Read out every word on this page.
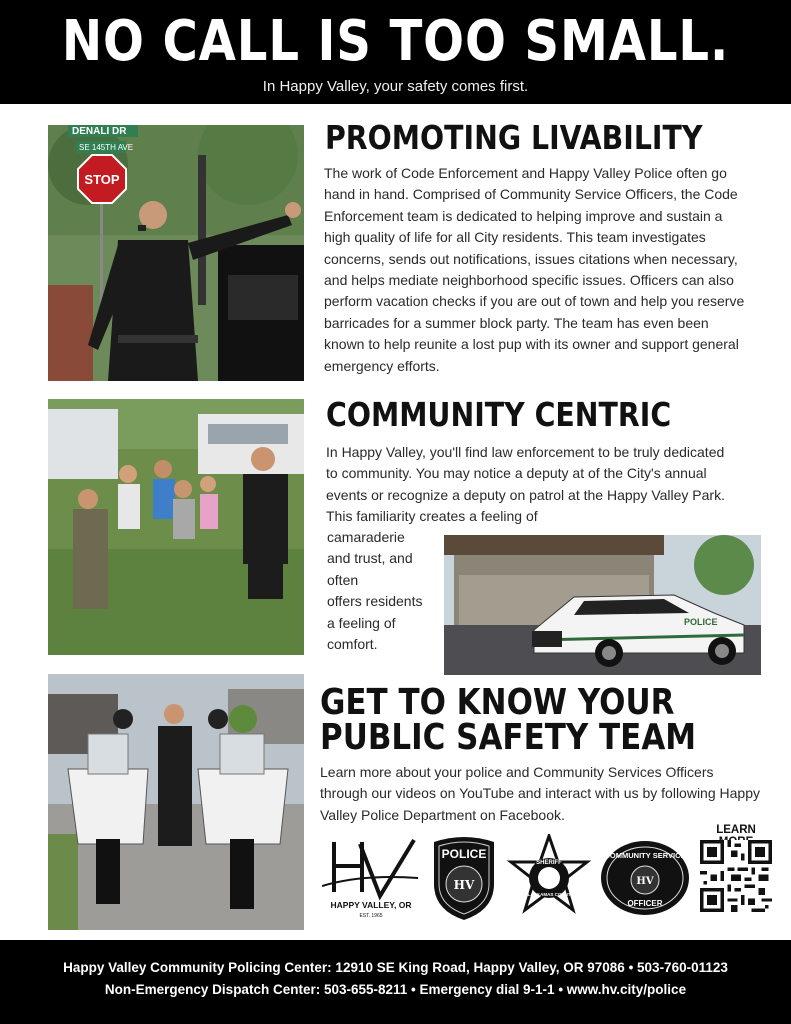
NO CALL IS TOO SMALL.
In Happy Valley, your safety comes first.
DENALI DR
SE 145TH AVE
STOP
PROMOTING LIVABILITY

The work of Code Enforcement and Happy Valley Police often go hand in hand. Comprised of Community Service Officers, the Code Enforcement team is dedicated to helping improve and sustain a high quality of life for all City residents. This team investigates concerns, sends out notifications, issues citations when necessary, and helps mediate neighborhood specific issues. Officers can also perform vacation checks if you are out of town and help you reserve barricades for a summer block party. The team has even been known to help reunite a lost pup with its owner and support general emergency efforts.

COMMUNITY CENTRIC

In Happy Valley, you'll find law enforcement to be truly dedicated to community. You may notice a deputy at of the City's annual events or recognize a deputy on patrol at the Happy Valley Park. This familiarity creates a feeling of

camaraderie
and trust, and
often
offers residents
a feeling of
comfort.
POLICE
GET TO KNOW YOUR
PUBLIC SAFETY TEAM

Learn more about your police and Community Services Officers through our videos on YouTube and interact with us by following Happy Valley Police Department on Facebook.

HAPPY VALLEY, OR
EST. 1965
POLICE
HV
SHERIFF
CLACKAMAS COUNTY
COMMUNITY SERVICE
HV
OFFICER
LEARN
Happy Valley Community Policing Center: 12910 SE King Road, Happy Valley, OR 97086 • 503-760-01123
Non-Emergency Dispatch Center: 503-655-8211 • Emergency dial 9-1-1 • www.hv.city/police
